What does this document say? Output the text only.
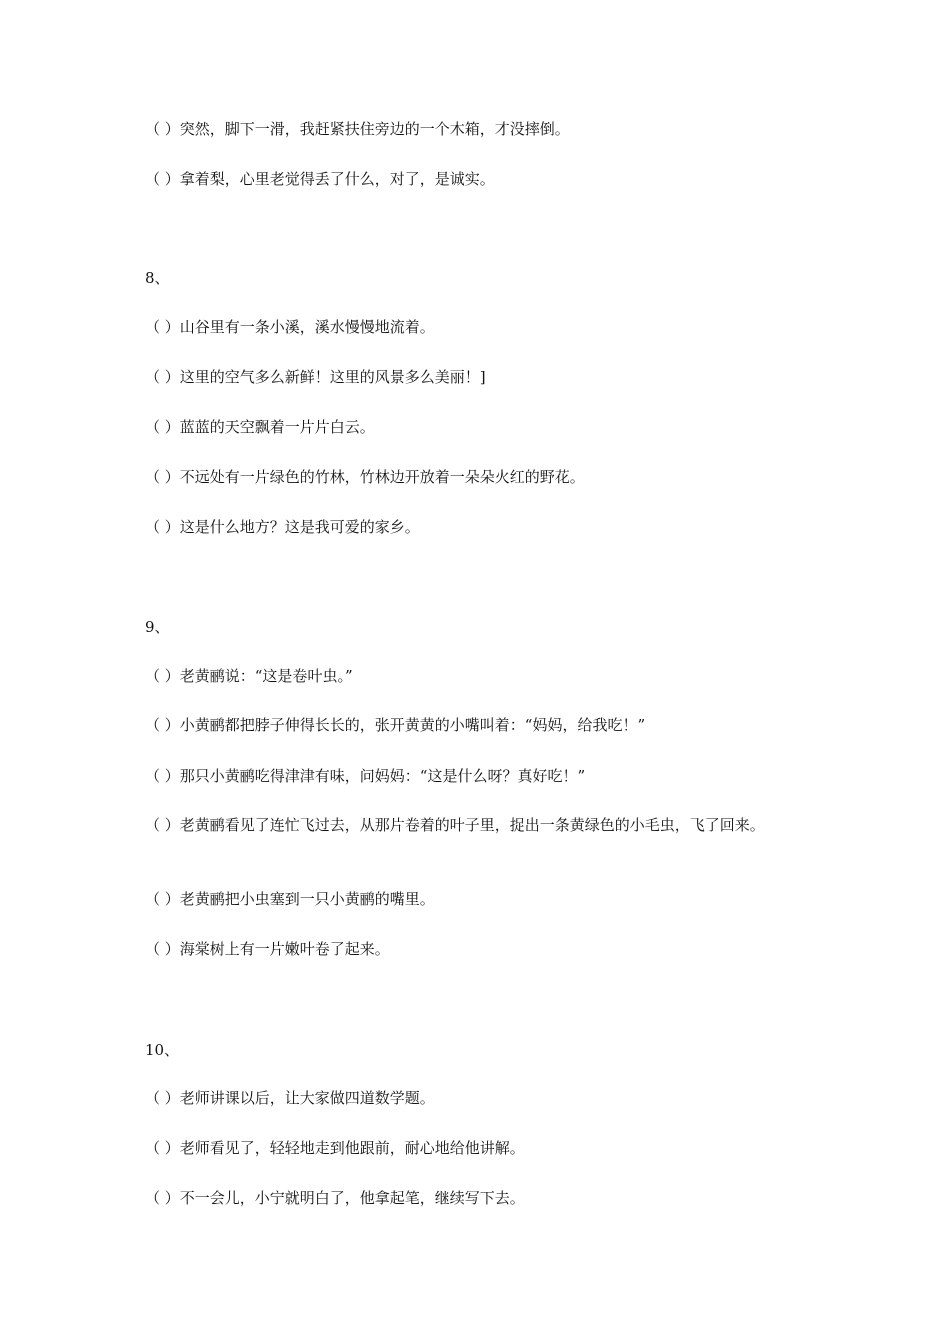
（ ）突然，脚下一滑，我赶紧扶住旁边的一个木箱，才没摔倒。
（ ）拿着梨，心里老觉得丢了什么，对了，是诚实。
8、
（ ）山谷里有一条小溪，溪水慢慢地流着。
（ ）这里的空气多么新鲜！这里的风景多么美丽！]
（ ）蓝蓝的天空飘着一片片白云。
（ ）不远处有一片绿色的竹林，竹林边开放着一朵朵火红的野花。
（ ）这是什么地方？这是我可爱的家乡。
9、
（ ）老黄鹂说：“这是卷叶虫。”
（ ）小黄鹂都把脖子伸得长长的，张开黄黄的小嘴叫着：“妈妈，给我吃！”
（ ）那只小黄鹂吃得津津有味，问妈妈：“这是什么呀？真好吃！”
（ ）老黄鹂看见了连忙飞过去，从那片卷着的叶子里，捉出一条黄绿色的小毛虫，飞了回来。
（ ）老黄鹂把小虫塞到一只小黄鹂的嘴里。
（ ）海棠树上有一片嫩叶卷了起来。
10、
（ ）老师讲课以后，让大家做四道数学题。
（ ）老师看见了，轻轻地走到他跟前，耐心地给他讲解。
（ ）不一会儿，小宁就明白了，他拿起笔，继续写下去。
